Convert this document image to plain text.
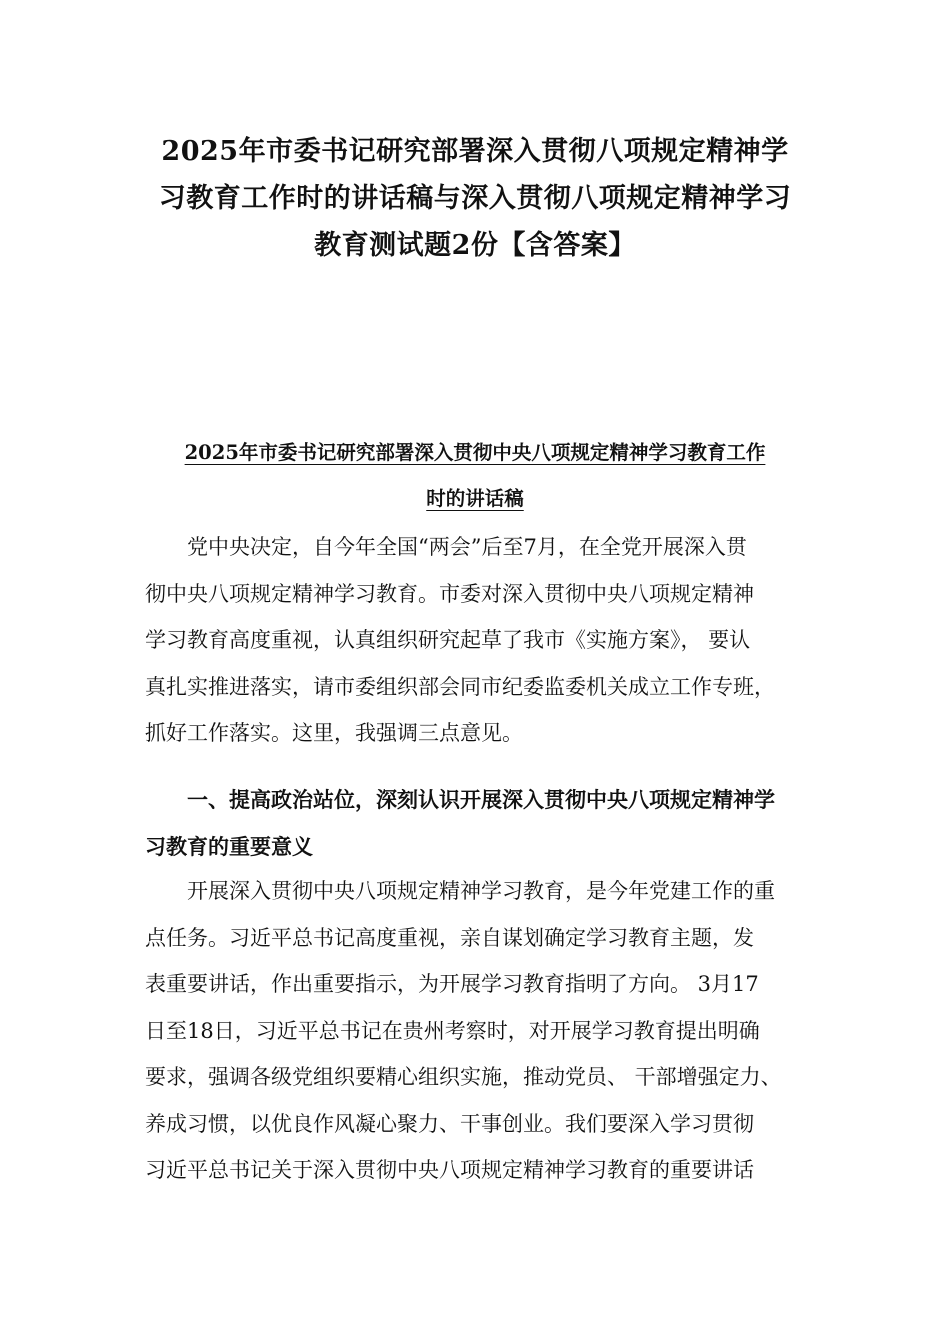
2025年市委书记研究部署深入贯彻八项规定精神学
习教育工作时的讲话稿与深入贯彻八项规定精神学习
教育测试题2份【含答案】
2025年市委书记研究部署深入贯彻中央八项规定精神学习教育工作
时的讲话稿
　　党中央决定，自今年全国“两会”后至7月，在全党开展深入贯
彻中央八项规定精神学习教育。市委对深入贯彻中央八项规定精神
学习教育高度重视，认真组织研究起草了我市《实施方案》， 要认
真扎实推进落实，请市委组织部会同市纪委监委机关成立工作专班，
抓好工作落实。这里，我强调三点意见。
　　一、提高政治站位，深刻认识开展深入贯彻中央八项规定精神学
习教育的重要意义
　　开展深入贯彻中央八项规定精神学习教育，是今年党建工作的重
点任务。习近平总书记高度重视，亲自谋划确定学习教育主题，发
表重要讲话，作出重要指示，为开展学习教育指明了方向。 3月17
日至18日，习近平总书记在贵州考察时，对开展学习教育提出明确
要求，强调各级党组织要精心组织实施，推动党员、 干部增强定力、
养成习惯，以优良作风凝心聚力、干事创业。我们要深入学习贯彻
习近平总书记关于深入贯彻中央八项规定精神学习教育的重要讲话
